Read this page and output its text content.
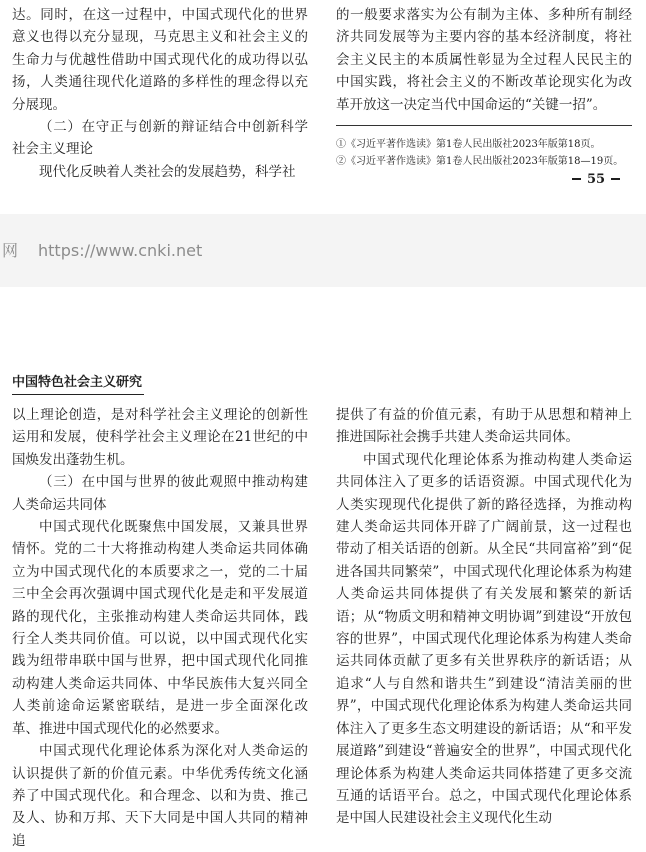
达。同时，在这一过程中，中国式现代化的世界意义也得以充分显现，马克思主义和社会主义的生命力与优越性借助中国式现代化的成功得以弘扬，人类通往现代化道路的多样性的理念得以充分展现。

（二）在守正与创新的辩证结合中创新科学社会主义理论

现代化反映着人类社会的发展趋势，科学社

的一般要求落实为公有制为主体、多种所有制经济共同发展等为主要内容的基本经济制度，将社会主义民主的本质属性彰显为全过程人民民主的中国实践，将社会主义的不断改革论现实化为改革开放这一决定当代中国命运的“关键一招”。

①《习近平著作选读》第1卷人民出版社2023年版第18页。

②《习近平著作选读》第1卷人民出版社2023年版第18—19页。

55
网 https://www.cnki.net
中国特色社会主义研究

以上理论创造，是对科学社会主义理论的创新性运用和发展，使科学社会主义理论在21世纪的中国焕发出蓬勃生机。

（三）在中国与世界的彼此观照中推动构建人类命运共同体

中国式现代化既聚焦中国发展，又兼具世界情怀。党的二十大将推动构建人类命运共同体确立为中国式现代化的本质要求之一，党的二十届三中全会再次强调中国式现代化是走和平发展道路的现代化，主张推动构建人类命运共同体，践行全人类共同价值。可以说，以中国式现代化实践为纽带串联中国与世界，把中国式现代化同推动构建人类命运共同体、中华民族伟大复兴同全人类前途命运紧密联结，是进一步全面深化改革、推进中国式现代化的必然要求。

中国式现代化理论体系为深化对人类命运的认识提供了新的价值元素。中华优秀传统文化涵养了中国式现代化。和合理念、以和为贵、推己及人、协和万邦、天下大同是中国人共同的精神追

提供了有益的价值元素，有助于从思想和精神上推进国际社会携手共建人类命运共同体。

中国式现代化理论体系为推动构建人类命运共同体注入了更多的话语资源。中国式现代化为人类实现现代化提供了新的路径选择，为推动构建人类命运共同体开辟了广阔前景，这一过程也带动了相关话语的创新。从全民“共同富裕”到“促进各国共同繁荣”，中国式现代化理论体系为构建人类命运共同体提供了有关发展和繁荣的新话语；从“物质文明和精神文明协调”到建设“开放包容的世界”，中国式现代化理论体系为构建人类命运共同体贡献了更多有关世界秩序的新话语；从追求“人与自然和谐共生”到建设“清洁美丽的世界”，中国式现代化理论体系为构建人类命运共同体注入了更多生态文明建设的新话语；从“和平发展道路”到建设“普遍安全的世界”，中国式现代化理论体系为构建人类命运共同体搭建了更多交流互通的话语平台。总之，中国式现代化理论体系是中国人民建设社会主义现代化生动
